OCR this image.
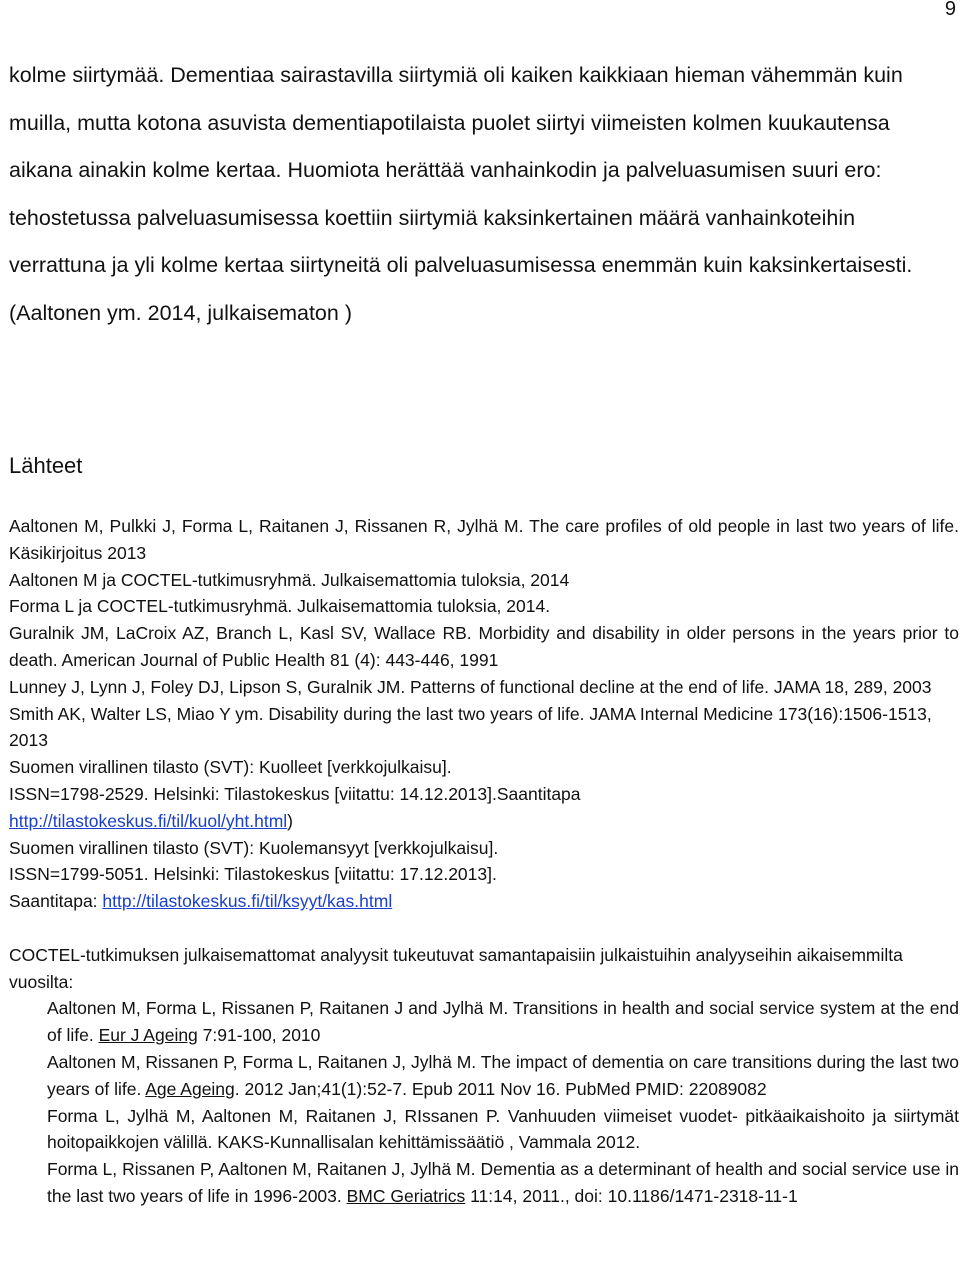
9

kolme siirtymää. Dementiaa sairastavilla siirtymiä oli kaiken kaikkiaan hieman vähemmän kuin muilla, mutta kotona asuvista dementiapotilaista puolet siirtyi viimeisten kolmen kuukautensa aikana ainakin kolme kertaa. Huomiota herättää vanhainkodin ja palveluasumisen suuri ero: tehostetussa palveluasumisessa koettiin siirtymiä kaksinkertainen määrä vanhainkoteihin verrattuna ja yli kolme kertaa siirtyneitä oli palveluasumisessa enemmän kuin kaksinkertaisesti. (Aaltonen ym. 2014, julkaisematon )

Lähteet

Aaltonen M, Pulkki J, Forma L, Raitanen J, Rissanen R, Jylhä M. The care profiles of old people in last two years of life. Käsikirjoitus 2013

Aaltonen M ja COCTEL-tutkimusryhmä. Julkaisemattomia tuloksia, 2014

Forma L ja COCTEL-tutkimusryhmä. Julkaisemattomia tuloksia, 2014.

Guralnik JM, LaCroix AZ, Branch L, Kasl SV, Wallace RB. Morbidity and disability in older persons in the years prior to death. American Journal of Public Health 81 (4): 443-446, 1991

Lunney J, Lynn J, Foley DJ, Lipson S, Guralnik JM. Patterns of functional decline at the end of life. JAMA 18, 289, 2003

Smith AK, Walter LS, Miao Y ym. Disability during the last two years of life. JAMA Internal Medicine 173(16):1506-1513, 2013

Suomen virallinen tilasto (SVT): Kuolleet [verkkojulkaisu].

ISSN=1798-2529. Helsinki: Tilastokeskus [viitattu: 14.12.2013].Saantitapa

http://tilastokeskus.fi/til/kuol/yht.html)

Suomen virallinen tilasto (SVT): Kuolemansyyt [verkkojulkaisu].

ISSN=1799-5051. Helsinki: Tilastokeskus [viitattu: 17.12.2013].

Saantitapa: http://tilastokeskus.fi/til/ksyyt/kas.html

COCTEL-tutkimuksen julkaisemattomat analyysit tukeutuvat samantapaisiin julkaistuihin analyyseihin aikaisemmilta vuosilta:

Aaltonen M, Forma L, Rissanen P, Raitanen J and Jylhä M. Transitions in health and social service system at the end of life. Eur J Ageing 7:91-100, 2010

Aaltonen M, Rissanen P, Forma L, Raitanen J, Jylhä M. The impact of dementia on care transitions during the last two years of life. Age Ageing. 2012 Jan;41(1):52-7. Epub 2011 Nov 16. PubMed PMID: 22089082

Forma L, Jylhä M, Aaltonen M, Raitanen J, RIssanen P. Vanhuuden viimeiset vuodet- pitkäaikaishoito ja siirtymät hoitopaikkojen välillä. KAKS-Kunnallisalan kehittämissäätiö , Vammala 2012.

Forma L, Rissanen P, Aaltonen M, Raitanen J, Jylhä M. Dementia as a determinant of health and social service use in the last two years of life in 1996-2003. BMC Geriatrics 11:14, 2011., doi: 10.1186/1471-2318-11-1
